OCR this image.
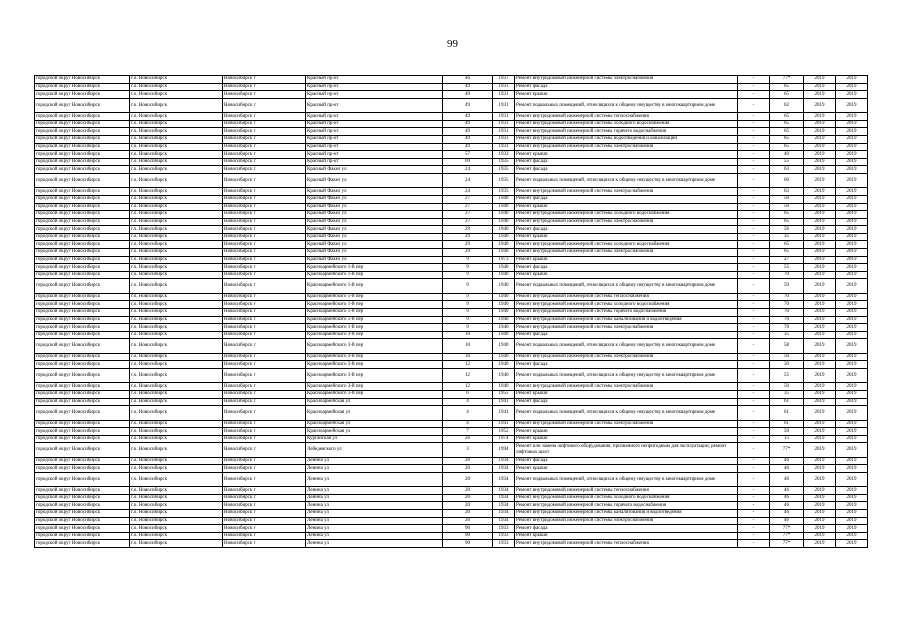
99
городской округ Новосибирск	г.о. Новосибирск	Новосибирск г	Красный пр-кт	46	1937	Ремонт внутридомовой инженерной системы электроснабжения	-	77*	2019	2019
городской округ Новосибирск	г.о. Новосибирск	Новосибирск г	Красный пр-кт	49	1931	Ремонт фасада	-	65	2019	2019
городской округ Новосибирск	г.о. Новосибирск	Новосибирск г	Красный пр-кт	49	1931	Ремонт крыши	-	65	2019	2019
городской округ Новосибирск	г.о. Новосибирск	Новосибирск г	Красный пр-кт	49	1931	Ремонт подвальных помещений, относящихся к общему имуществу в многоквартирном доме	-	62	2019	2019
городской округ Новосибирск	г.о. Новосибирск	Новосибирск г	Красный пр-кт	49	1931	Ремонт внутридомовой инженерной системы теплоснабжения	-	65	2019	2019
городской округ Новосибирск	г.о. Новосибирск	Новосибирск г	Красный пр-кт	49	1931	Ремонт внутридомовой инженерной системы холодного водоснабжения	-	65	2019	2019
городской округ Новосибирск	г.о. Новосибирск	Новосибирск г	Красный пр-кт	49	1931	Ремонт внутридомовой инженерной системы горячего водоснабжения	-	65	2019	2019
городской округ Новосибирск	г.о. Новосибирск	Новосибирск г	Красный пр-кт	49	1931	Ремонт внутридомовой инженерной системы водоотведения и канализации	-	65	2019	2019
городской округ Новосибирск	г.о. Новосибирск	Новосибирск г	Красный пр-кт	49	1931	Ремонт внутридомовой инженерной системы электроснабжения	-	65	2019	2019
городской округ Новосибирск	г.о. Новосибирск	Новосибирск г	Красный пр-кт	57	1933	Ремонт крыши	-	40	2019	2019
городской округ Новосибирск	г.о. Новосибирск	Новосибирск г	Красный пр-кт	69	1935	Ремонт фасада	-	55	2019	2019
городской округ Новосибирск	г.о. Новосибирск	Новосибирск г	Красный Факел ул	24	1935	Ремонт фасада	-	63	2019	2019
городской округ Новосибирск	г.о. Новосибирск	Новосибирск г	Красный Факел ул	24	1935	Ремонт подвальных помещений, относящихся к общему имуществу в многоквартирном доме	-	60	2019	2019
городской округ Новосибирск	г.о. Новосибирск	Новосибирск г	Красный Факел ул	24	1935	Ремонт внутридомовой инженерной системы электроснабжения	-	63	2019	2019
городской округ Новосибирск	г.о. Новосибирск	Новосибирск г	Красный Факел ул	27	1940	Ремонт фасада	-	50	2019	2019
городской округ Новосибирск	г.о. Новосибирск	Новосибирск г	Красный Факел ул	27	1940	Ремонт крыши	-	50	2019	2019
городской округ Новосибирск	г.о. Новосибирск	Новосибирск г	Красный Факел ул	27	1940	Ремонт внутридомовой инженерной системы холодного водоснабжения	-	65	2019	2019
городской округ Новосибирск	г.о. Новосибирск	Новосибирск г	Красный Факел ул	27	1940	Ремонт внутридомовой инженерной системы электроснабжения	-	65	2019	2019
городской округ Новосибирск	г.о. Новосибирск	Новосибирск г	Красный Факел ул	29	1940	Ремонт фасада	-	56	2019	2019
городской округ Новосибирск	г.о. Новосибирск	Новосибирск г	Красный Факел ул	29	1940	Ремонт крыши	-	35	2019	2019
городской округ Новосибирск	г.о. Новосибирск	Новосибирск г	Красный Факел ул	29	1940	Ремонт внутридомовой инженерной системы холодного водоснабжения	-	65	2019	2019
городской округ Новосибирск	г.о. Новосибирск	Новосибирск г	Красный Факел ул	29	1940	Ремонт внутридомовой инженерной системы электроснабжения	-	65	2019	2019
городской округ Новосибирск	г.о. Новосибирск	Новосибирск г	Красный Факел ул	9	1973	Ремонт крыши	-	27	2019	2019
городской округ Новосибирск	г.о. Новосибирск	Новосибирск г	Красноармейского 1-й пер	9	1940	Ремонт фасада	-	55	2019	2019
городской округ Новосибирск	г.о. Новосибирск	Новосибирск г	Красноармейского 1-й пер	9	1940	Ремонт крыши	-	70	2019	2019
городской округ Новосибирск	г.о. Новосибирск	Новосибирск г	Красноармейского 1-й пер	9	1940	Ремонт подвальных помещений, относящихся к общему имуществу в многоквартирном доме	-	59	2019	2019
городской округ Новосибирск	г.о. Новосибирск	Новосибирск г	Красноармейского 1-й пер	9	1940	Ремонт внутридомовой инженерной системы теплоснабжения	-	70	2019	2019
городской округ Новосибирск	г.о. Новосибирск	Новосибирск г	Красноармейского 1-й пер	9	1940	Ремонт внутридомовой инженерной системы холодного водоснабжения	-	70	2019	2019
городской округ Новосибирск	г.о. Новосибирск	Новосибирск г	Красноармейского 1-й пер	9	1940	Ремонт внутридомовой инженерной системы горячего водоснабжения	-	70	2019	2019
городской округ Новосибирск	г.о. Новосибирск	Новосибирск г	Красноармейского 1-й пер	9	1940	Ремонт внутридомовой инженерной системы канализования и водоотведения	-	70	2019	2019
городской округ Новосибирск	г.о. Новосибирск	Новосибирск г	Красноармейского 1-й пер	9	1940	Ремонт внутридомовой инженерной системы электроснабжения	-	70	2019	2019
городской округ Новосибирск	г.о. Новосибирск	Новосибирск г	Красноармейского 3-й пер	10	1940	Ремонт фасада	-	35	2019	2019
городской округ Новосибирск	г.о. Новосибирск	Новосибирск г	Красноармейского 3-й пер	10	1940	Ремонт подвальных помещений, относящихся к общему имуществу в многоквартирном доме	-	58	2019	2019
городской округ Новосибирск	г.о. Новосибирск	Новосибирск г	Красноармейского 3-й пер	10	1940	Ремонт внутридомовой инженерной системы электроснабжения	-	50	2019	2019
городской округ Новосибирск	г.о. Новосибирск	Новосибирск г	Красноармейского 3-й пер	12	1940	Ремонт фасада	-	30	2019	2019
городской округ Новосибирск	г.о. Новосибирск	Новосибирск г	Красноармейского 3-й пер	12	1940	Ремонт подвальных помещений, относящихся к общему имуществу в многоквартирном доме	-	55	2019	2019
городской округ Новосибирск	г.о. Новосибирск	Новосибирск г	Красноармейского 3-й пер	12	1940	Ремонт внутридомовой инженерной системы электроснабжения	-	50	2019	2019
городской округ Новосибирск	г.о. Новосибирск	Новосибирск г	Красноармейского 3-й пер	6	1955	Ремонт крыши	-	35	2019	2019
городской округ Новосибирск	г.о. Новосибирск	Новосибирск г	Красноармейская ул	4	1941	Ремонт фасада	-	61	2019	2019
городской округ Новосибирск	г.о. Новосибирск	Новосибирск г	Красноармейская ул	4	1941	Ремонт подвальных помещений, относящихся к общему имуществу в многоквартирном доме	-	61	2019	2019
городской округ Новосибирск	г.о. Новосибирск	Новосибирск г	Красноармейская ул	4	1941	Ремонт внутридомовой инженерной системы электроснабжения	-	61	2019	2019
городской округ Новосибирск	г.о. Новосибирск	Новосибирск г	Красноармейская ул	7	1952	Ремонт крыши	-	50	2019	2019
городской округ Новосибирск	г.о. Новосибирск	Новосибирск г	Курганская ул	26	1974	Ремонт крыши	-	15	2019	2019
городской округ Новосибирск	г.о. Новосибирск	Новосибирск г	Лебедевского ул	3	1994	Ремонт или замена лифтового оборудования, признанного непригодным для эксплуатации, ремонт лифтовых шахт	-	77*	2019	2019
городской округ Новосибирск	г.о. Новосибирск	Новосибирск г	Ленина ул	20	1934	Ремонт фасада	-	46	2019	2019
городской округ Новосибирск	г.о. Новосибирск	Новосибирск г	Ленина ул	20	1934	Ремонт крыши	-	46	2019	2019
городской округ Новосибирск	г.о. Новосибирск	Новосибирск г	Ленина ул	20	1934	Ремонт подвальных помещений, относящихся к общему имуществу в многоквартирном доме	-	46	2019	2019
городской округ Новосибирск	г.о. Новосибирск	Новосибирск г	Ленина ул	20	1934	Ремонт внутридомовой инженерной системы теплоснабжения	-	46	2019	2019
городской округ Новосибирск	г.о. Новосибирск	Новосибирск г	Ленина ул	20	1934	Ремонт внутридомовой инженерной системы холодного водоснабжения	-	46	2019	2019
городской округ Новосибирск	г.о. Новосибирск	Новосибирск г	Ленина ул	20	1934	Ремонт внутридомовой инженерной системы горячего водоснабжения	-	46	2019	2019
городской округ Новосибирск	г.о. Новосибирск	Новосибирск г	Ленина ул	20	1934	Ремонт внутридомовой инженерной системы канализования и водоотведения	-	46	2019	2019
городской округ Новосибирск	г.о. Новосибирск	Новосибирск г	Ленина ул	20	1934	Ремонт внутридомовой инженерной системы электроснабжения	-	46	2019	2019
городской округ Новосибирск	г.о. Новосибирск	Новосибирск г	Ленина ул	90	1933	Ремонт фасада	-	77*	2019	2019
городской округ Новосибирск	г.о. Новосибирск	Новосибирск г	Ленина ул	90	1933	Ремонт крыши	-	77*	2019	2019
городской округ Новосибирск	г.о. Новосибирск	Новосибирск г	Ленина ул	90	1933	Ремонт внутридомовой инженерной системы теплоснабжения	-	77*	2019	2019
